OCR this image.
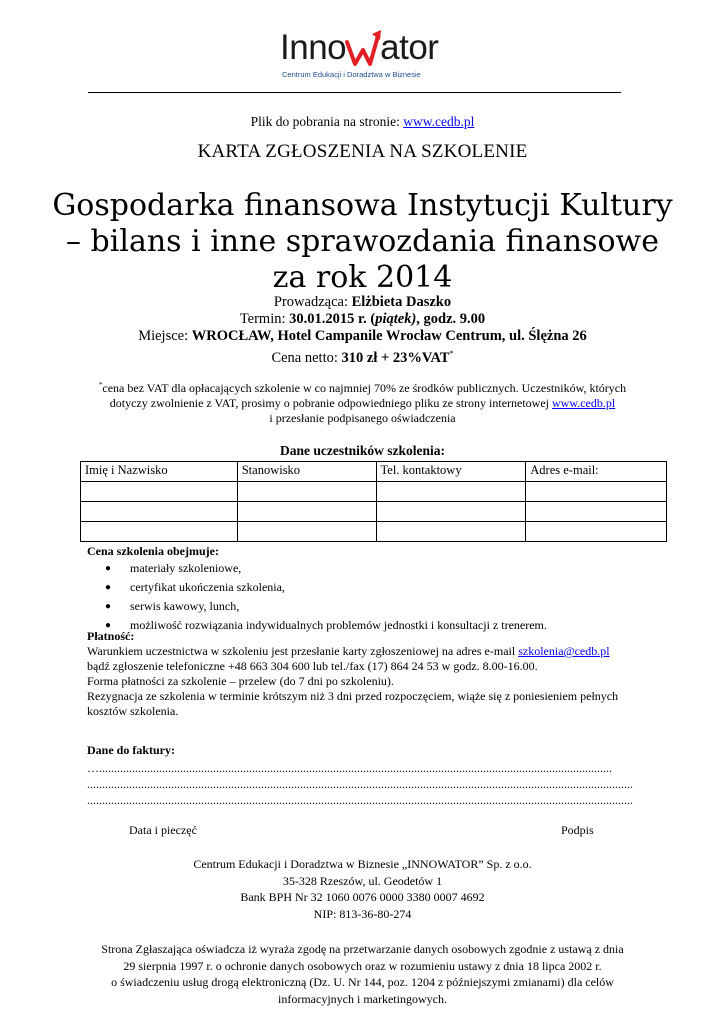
Inno ator
Centrum Edukacji i Doradztwa w Biznesie
Plik do pobrania na stronie: www.cedb.pl
KARTA ZGŁOSZENIA NA SZKOLENIE
Gospodarka finansowa Instytucji Kultury
– bilans i inne sprawozdania finansowe
za rok 2014
Prowadząca: Elżbieta Daszko
Termin: 30.01.2015 r. (piątek), godz. 9.00
Miejsce: WROCŁAW, Hotel Campanile Wrocław Centrum, ul. Ślężna 26
Cena netto: 310 zł + 23%VAT*
*cena bez VAT dla opłacających szkolenie w co najmniej 70% ze środków publicznych. Uczestników, których
dotyczy zwolnienie z VAT, prosimy o pobranie odpowiedniego pliku ze strony internetowej www.cedb.pl
i przesłanie podpisanego oświadczenia
Dane uczestników szkolenia:
Imię i Nazwisko	Stanowisko	Tel. kontaktowy	Adres e-mail:

Cena szkolenia obejmuje:
● materiały szkoleniowe,
● certyfikat ukończenia szkolenia,
● serwis kawowy, lunch,
● możliwość rozwiązania indywidualnych problemów jednostki i konsultacji z trenerem.
Płatność:
Warunkiem uczestnictwa w szkoleniu jest przesłanie karty zgłoszeniowej na adres e-mail szkolenia@cedb.pl
bądź zgłoszenie telefoniczne +48 663 304 600 lub tel./fax (17) 864 24 53 w godz. 8.00-16.00.
Forma płatności za szkolenie – przelew (do 7 dni po szkoleniu).
Rezygnacja ze szkolenia w terminie krótszym niż 3 dni przed rozpoczęciem, wiąże się z poniesieniem pełnych
kosztów szkolenia.
Dane do faktury:
…...........................................................................................................................................................................
......................................................................................................................................................................................
......................................................................................................................................................................................
Data i pieczęć	Podpis
Centrum Edukacji i Doradztwa w Biznesie „INNOWATOR” Sp. z o.o.
35-328 Rzeszów, ul. Geodetów 1
Bank BPH Nr 32 1060 0076 0000 3380 0007 4692
NIP: 813-36-80-274
Strona Zgłaszająca oświadcza iż wyraża zgodę na przetwarzanie danych osobowych zgodnie z ustawą z dnia
29 sierpnia 1997 r. o ochronie danych osobowych oraz w rozumieniu ustawy z dnia 18 lipca 2002 r.
o świadczeniu usług drogą elektroniczną (Dz. U. Nr 144, poz. 1204 z późniejszymi zmianami) dla celów
informacyjnych i marketingowych.
